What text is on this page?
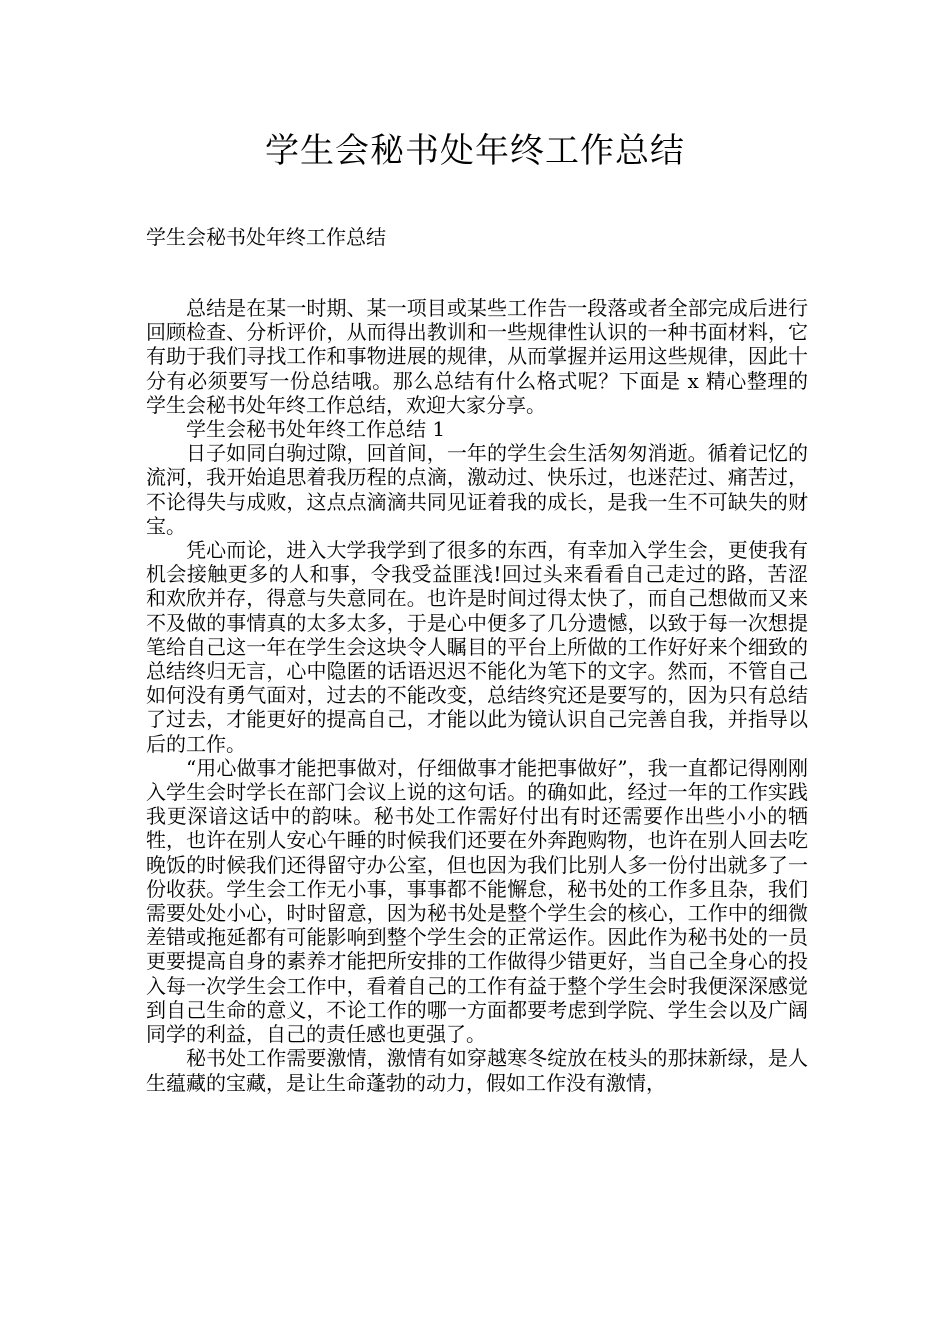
学生会秘书处年终工作总结

学生会秘书处年终工作总结

总结是在某一时期、某一项目或某些工作告一段落或者全部完成后进行回顾检查、分析评价，从而得出教训和一些规律性认识的一种书面材料，它有助于我们寻找工作和事物进展的规律，从而掌握并运用这些规律，因此十分有必须要写一份总结哦。那么总结有什么格式呢？下面是 x 精心整理的学生会秘书处年终工作总结，欢迎大家分享。

学生会秘书处年终工作总结 1

日子如同白驹过隙，回首间，一年的学生会生活匆匆消逝。循着记忆的流河，我开始追思着我历程的点滴，激动过、快乐过，也迷茫过、痛苦过，不论得失与成败，这点点滴滴共同见证着我的成长，是我一生不可缺失的财宝。

凭心而论，进入大学我学到了很多的东西，有幸加入学生会，更使我有机会接触更多的人和事，令我受益匪浅!回过头来看看自己走过的路，苦涩和欢欣并存，得意与失意同在。也许是时间过得太快了，而自己想做而又来不及做的事情真的太多太多，于是心中便多了几分遗憾，以致于每一次想提笔给自己这一年在学生会这块令人瞩目的平台上所做的工作好好来个细致的总结终归无言，心中隐匿的话语迟迟不能化为笔下的文字。然而，不管自己如何没有勇气面对，过去的不能改变，总结终究还是要写的，因为只有总结了过去，才能更好的提高自己，才能以此为镜认识自己完善自我，并指导以后的工作。

“用心做事才能把事做对，仔细做事才能把事做好”，我一直都记得刚刚入学生会时学长在部门会议上说的这句话。的确如此，经过一年的工作实践我更深谙这话中的韵味。秘书处工作需好付出有时还需要作出些小小的牺牲，也许在别人安心午睡的时候我们还要在外奔跑购物，也许在别人回去吃晚饭的时候我们还得留守办公室，但也因为我们比别人多一份付出就多了一份收获。学生会工作无小事，事事都不能懈怠，秘书处的工作多且杂，我们需要处处小心，时时留意，因为秘书处是整个学生会的核心，工作中的细微差错或拖延都有可能影响到整个学生会的正常运作。因此作为秘书处的一员更要提高自身的素养才能把所安排的工作做得少错更好，当自己全身心的投入每一次学生会工作中，看着自己的工作有益于整个学生会时我便深深感觉到自己生命的意义，不论工作的哪一方面都要考虑到学院、学生会以及广阔同学的利益，自己的责任感也更强了。

秘书处工作需要激情，激情有如穿越寒冬绽放在枝头的那抹新绿，是人生蕴藏的宝藏，是让生命蓬勃的动力，假如工作没有激情，
